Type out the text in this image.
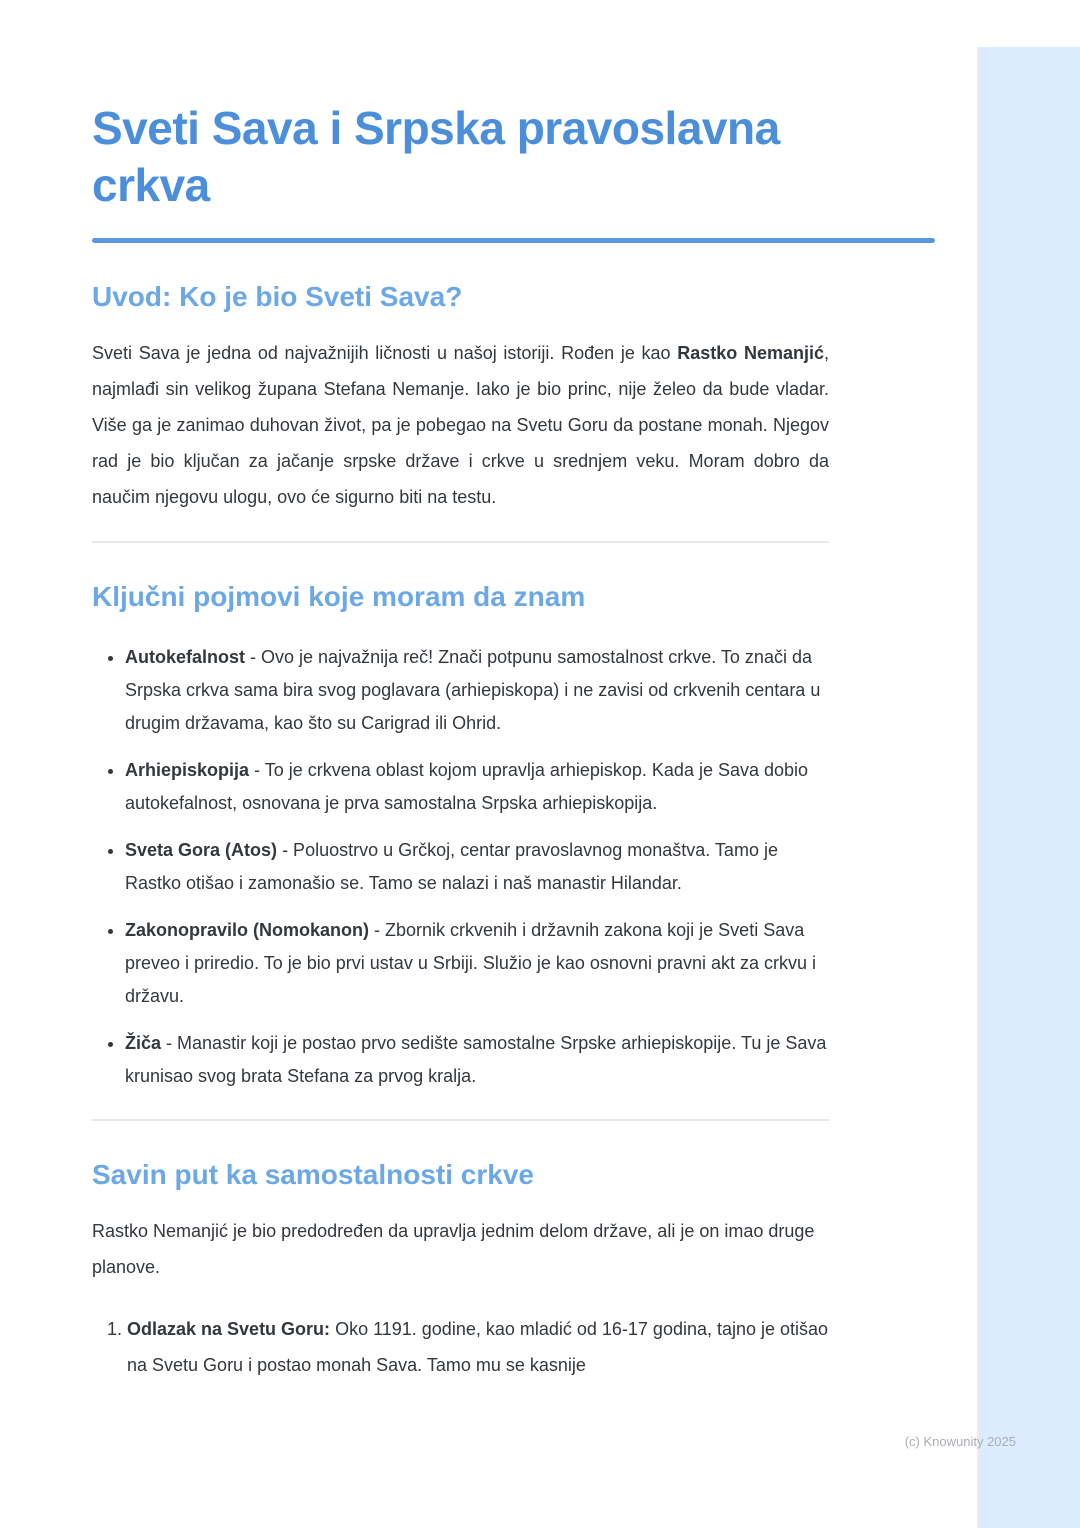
Sveti Sava i Srpska pravoslavna crkva
Uvod: Ko je bio Sveti Sava?

Sveti Sava je jedna od najvažnijih ličnosti u našoj istoriji. Rođen je kao Rastko Nemanjić, najmlađi sin velikog župana Stefana Nemanje. Iako je bio princ, nije želeo da bude vladar. Više ga je zanimao duhovan život, pa je pobegao na Svetu Goru da postane monah. Njegov rad je bio ključan za jačanje srpske države i crkve u srednjem veku. Moram dobro da naučim njegovu ulogu, ovo će sigurno biti na testu.

Ključni pojmovi koje moram da znam
• Autokefalnost - Ovo je najvažnija reč! Znači potpunu samostalnost crkve. To znači da Srpska crkva sama bira svog poglavara (arhiepiskopa) i ne zavisi od crkvenih centara u drugim državama, kao što su Carigrad ili Ohrid.
• Arhiepiskopija - To je crkvena oblast kojom upravlja arhiepiskop. Kada je Sava dobio autokefalnost, osnovana je prva samostalna Srpska arhiepiskopija.
• Sveta Gora (Atos) - Poluostrvo u Grčkoj, centar pravoslavnog monaštva. Tamo je Rastko otišao i zamonašio se. Tamo se nalazi i naš manastir Hilandar.
• Zakonopravilo (Nomokanon) - Zbornik crkvenih i državnih zakona koji je Sveti Sava preveo i priredio. To je bio prvi ustav u Srbiji. Služio je kao osnovni pravni akt za crkvu i državu.
• Žiča - Manastir koji je postao prvo sedište samostalne Srpske arhiepiskopije. Tu je Sava krunisao svog brata Stefana za prvog kralja.
Savin put ka samostalnosti crkve

Rastko Nemanjić je bio predodređen da upravlja jednim delom države, ali je on imao druge planove.

1. Odlazak na Svetu Goru: Oko 1191. godine, kao mladić od 16-17 godina, tajno je otišao na Svetu Goru i postao monah Sava. Tamo mu se kasnije
(c) Knowunity 2025
